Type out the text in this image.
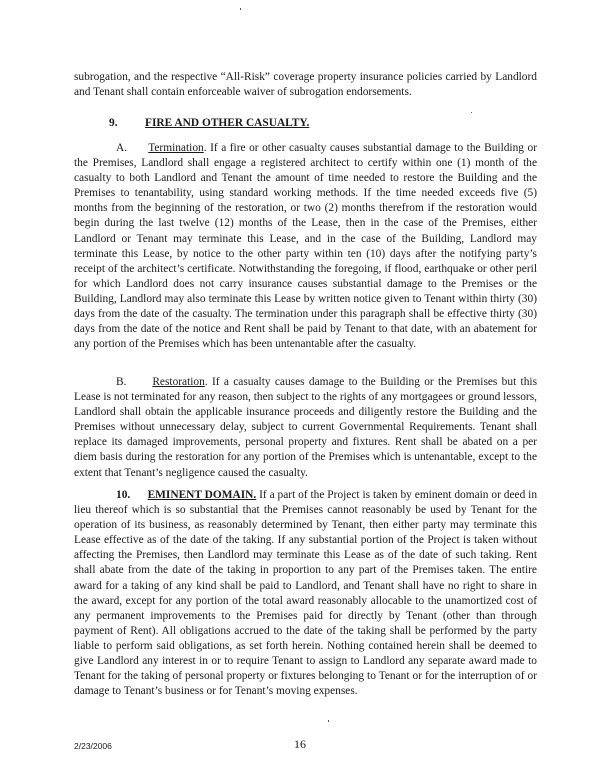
subrogation, and the respective “All-Risk” coverage property insurance policies carried by Landlord and Tenant shall contain enforceable waiver of subrogation endorsements.

9. FIRE AND OTHER CASUALTY.

A. Termination. If a fire or other casualty causes substantial damage to the Building or the Premises, Landlord shall engage a registered architect to certify within one (1) month of the casualty to both Landlord and Tenant the amount of time needed to restore the Building and the Premises to tenantability, using standard working methods. If the time needed exceeds five (5) months from the beginning of the restoration, or two (2) months therefrom if the restoration would begin during the last twelve (12) months of the Lease, then in the case of the Premises, either Landlord or Tenant may terminate this Lease, and in the case of the Building, Landlord may terminate this Lease, by notice to the other party within ten (10) days after the notifying party’s receipt of the architect’s certificate. Notwithstanding the foregoing, if flood, earthquake or other peril for which Landlord does not carry insurance causes substantial damage to the Premises or the Building, Landlord may also terminate this Lease by written notice given to Tenant within thirty (30) days from the date of the casualty. The termination under this paragraph shall be effective thirty (30) days from the date of the notice and Rent shall be paid by Tenant to that date, with an abatement for any portion of the Premises which has been untenantable after the casualty.

B. Restoration. If a casualty causes damage to the Building or the Premises but this Lease is not terminated for any reason, then subject to the rights of any mortgagees or ground lessors, Landlord shall obtain the applicable insurance proceeds and diligently restore the Building and the Premises without unnecessary delay, subject to current Governmental Requirements. Tenant shall replace its damaged improvements, personal property and fixtures. Rent shall be abated on a per diem basis during the restoration for any portion of the Premises which is untenantable, except to the extent that Tenant’s negligence caused the casualty.

10. EMINENT DOMAIN. If a part of the Project is taken by eminent domain or deed in lieu thereof which is so substantial that the Premises cannot reasonably be used by Tenant for the operation of its business, as reasonably determined by Tenant, then either party may terminate this Lease effective as of the date of the taking. If any substantial portion of the Project is taken without affecting the Premises, then Landlord may terminate this Lease as of the date of such taking. Rent shall abate from the date of the taking in proportion to any part of the Premises taken. The entire award for a taking of any kind shall be paid to Landlord, and Tenant shall have no right to share in the award, except for any portion of the total award reasonably allocable to the unamortized cost of any permanent improvements to the Premises paid for directly by Tenant (other than through payment of Rent). All obligations accrued to the date of the taking shall be performed by the party liable to perform said obligations, as set forth herein. Nothing contained herein shall be deemed to give Landlord any interest in or to require Tenant to assign to Landlord any separate award made to Tenant for the taking of personal property or fixtures belonging to Tenant or for the interruption of or damage to Tenant’s business or for Tenant’s moving expenses.

2/23/2006	16
